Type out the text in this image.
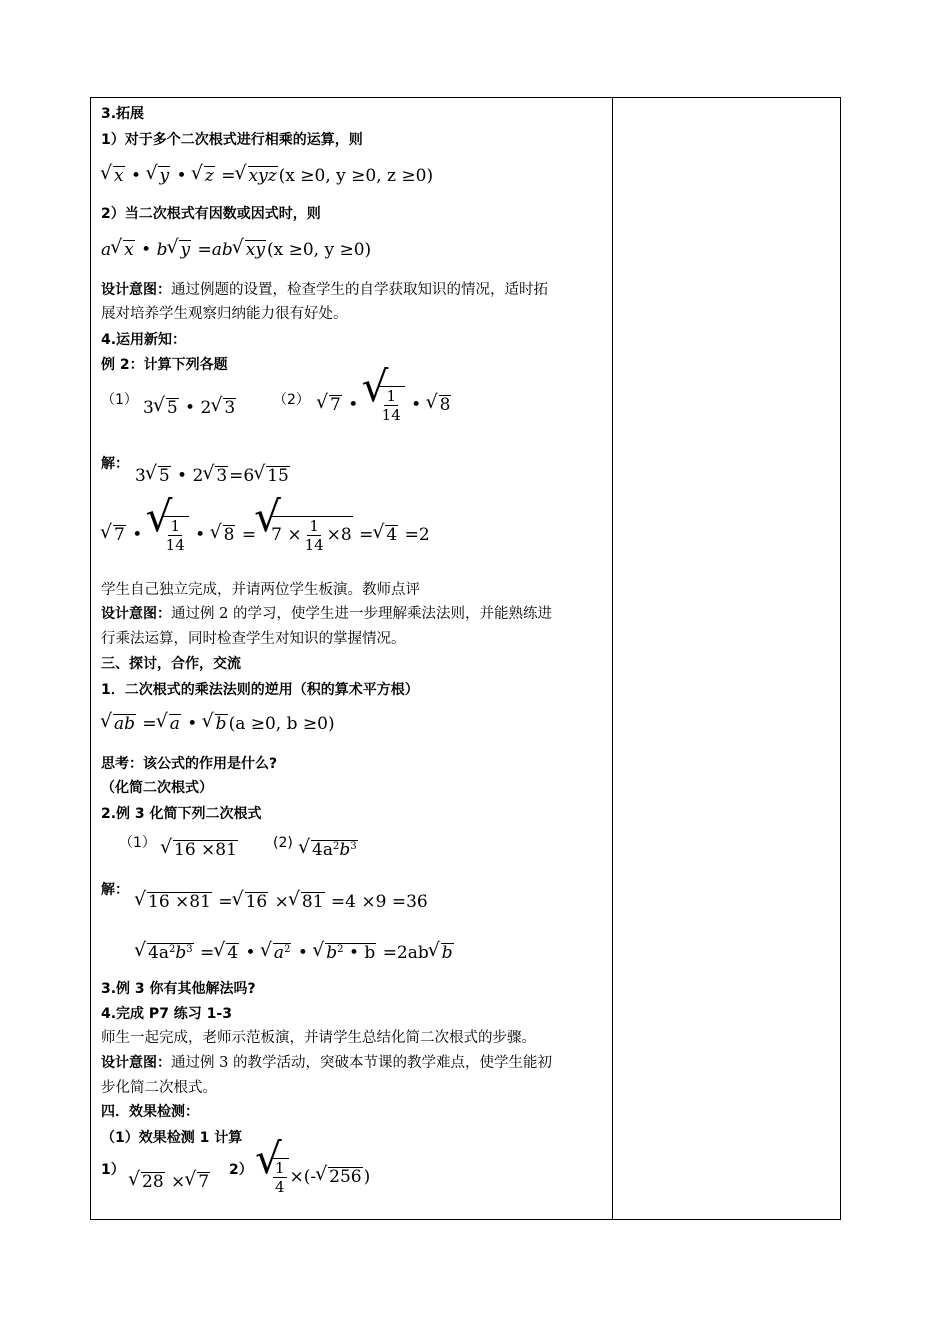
3.拓展
1）对于多个二次根式进行相乘的运算，则
√ x • √ y • √ z = √ xyz (x ≥0, y ≥0, z ≥0)
2）当二次根式有因数或因式时，则
a √ x • b √ y =ab √ xy (x ≥0, y ≥0)
设计意图：通过例题的设置，检查学生的自学获取知识的情况，适时拓
展对培养学生观察归纳能力很有好处。
4.运用新知：
例 2：计算下列各题
（1） 3 √ 5 • 2 √ 3	（2）	√ 7 • √ $\frac{1}{14}$ • √ 8
解：
3 √ 5 • 2 √ 3 =6 √ 15
√ 7 • √ $\frac{1}{14}$ • √ 8 = √ $7 \times \frac{1}{14} \times 8$ = √ 4 =2
学生自己独立完成，并请两位学生板演。教师点评
设计意图：通过例 2 的学习，使学生进一步理解乘法法则，并能熟练进
行乘法运算，同时检查学生对知识的掌握情况。
三、探讨，合作，交流
1．二次根式的乘法法则的逆用（积的算术平方根）
√ ab = √ a • √ b (a ≥0, b ≥0)
思考：该公式的作用是什么?
（化简二次根式）
2.例 3 化简下列二次根式
（1）	√ 16 ×81	(2)	√ $4a^2b^3$
解：
√ 16 ×81 = √ 16 × √ 81 =4 ×9 =36
√ $4a^2b^3$ = √ 4 • √ $a^2$ • √ $b^2$ • b =2ab √ b
3.例 3 你有其他解法吗?
4.完成 P7 练习 1-3
师生一起完成，老师示范板演，并请学生总结化简二次根式的步骤。
设计意图：通过例 3 的教学活动，突破本节课的教学难点，使学生能初
步化简二次根式。
四．效果检测：
（1）效果检测 1 计算
1）
√ 28 × √ 7
2） √ $\frac{1}{4}$ ×(- √ 256 )
